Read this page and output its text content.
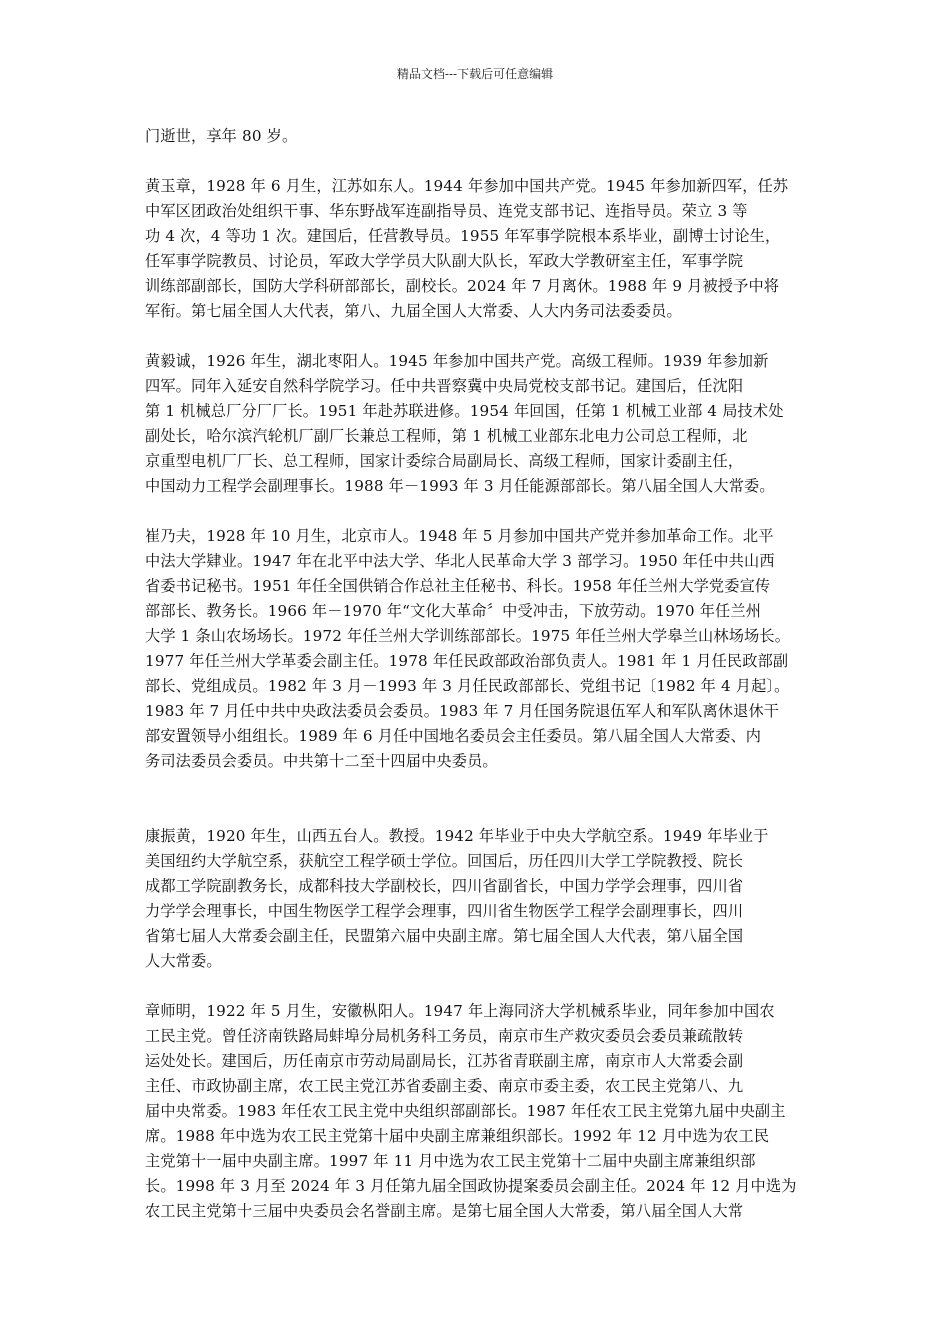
精品文档---下载后可任意编辑

门逝世，享年 80 岁。

黄玉章，1928 年 6 月生，江苏如东人。1944 年参加中国共产党。1945 年参加新四军，任苏
中军区团政治处组织干事、华东野战军连副指导员、连党支部书记、连指导员。荣立 3 等
功 4 次，4 等功 1 次。建国后，任营教导员。1955 年军事学院根本系毕业，副博士讨论生，
任军事学院教员、讨论员，军政大学学员大队副大队长，军政大学教研室主任，军事学院
训练部副部长，国防大学科研部部长，副校长。2024 年 7 月离休。1988 年 9 月被授予中将
军衔。第七届全国人大代表，第八、九届全国人大常委、人大内务司法委委员。

黄毅诚，1926 年生，湖北枣阳人。1945 年参加中国共产党。高级工程师。1939 年参加新
四军。同年入延安自然科学院学习。任中共晋察冀中央局党校支部书记。建国后，任沈阳
第 1 机械总厂分厂厂长。1951 年赴苏联进修。1954 年回国，任第 1 机械工业部 4 局技术处
副处长，哈尔滨汽轮机厂副厂长兼总工程师，第 1 机械工业部东北电力公司总工程师，北
京重型电机厂厂长、总工程师，国家计委综合局副局长、高级工程师，国家计委副主任，
中国动力工程学会副理事长。1988 年－1993 年 3 月任能源部部长。第八届全国人大常委。

崔乃夫，1928 年 10 月生，北京市人。1948 年 5 月参加中国共产党并参加革命工作。北平
中法大学肄业。1947 年在北平中法大学、华北人民革命大学 3 部学习。1950 年任中共山西
省委书记秘书。1951 年任全国供销合作总社主任秘书、科长。1958 年任兰州大学党委宣传
部部长、教务长。1966 年－1970 年“文化大革命〞中受冲击，下放劳动。1970 年任兰州
大学 1 条山农场场长。1972 年任兰州大学训练部部长。1975 年任兰州大学皋兰山林场场长。
1977 年任兰州大学革委会副主任。1978 年任民政部政治部负责人。1981 年 1 月任民政部副
部长、党组成员。1982 年 3 月－1993 年 3 月任民政部部长、党组书记〔1982 年 4 月起〕。
1983 年 7 月任中共中央政法委员会委员。1983 年 7 月任国务院退伍军人和军队离休退休干
部安置领导小组组长。1989 年 6 月任中国地名委员会主任委员。第八届全国人大常委、内
务司法委员会委员。中共第十二至十四届中央委员。

康振黄，1920 年生，山西五台人。教授。1942 年毕业于中央大学航空系。1949 年毕业于
美国纽约大学航空系，获航空工程学硕士学位。回国后，历任四川大学工学院教授、院长
成都工学院副教务长，成都科技大学副校长，四川省副省长，中国力学学会理事，四川省
力学学会理事长，中国生物医学工程学会理事，四川省生物医学工程学会副理事长，四川
省第七届人大常委会副主任，民盟第六届中央副主席。第七届全国人大代表，第八届全国
人大常委。

章师明，1922 年 5 月生，安徽枞阳人。1947 年上海同济大学机械系毕业，同年参加中国农
工民主党。曾任济南铁路局蚌埠分局机务科工务员，南京市生产救灾委员会委员兼疏散转
运处处长。建国后，历任南京市劳动局副局长，江苏省青联副主席，南京市人大常委会副
主任、市政协副主席，农工民主党江苏省委副主委、南京市委主委，农工民主党第八、九
届中央常委。1983 年任农工民主党中央组织部副部长。1987 年任农工民主党第九届中央副主
席。1988 年中选为农工民主党第十届中央副主席兼组织部长。1992 年 12 月中选为农工民
主党第十一届中央副主席。1997 年 11 月中选为农工民主党第十二届中央副主席兼组织部
长。1998 年 3 月至 2024 年 3 月任第九届全国政协提案委员会副主任。2024 年 12 月中选为
农工民主党第十三届中央委员会名誉副主席。是第七届全国人大常委，第八届全国人大常
